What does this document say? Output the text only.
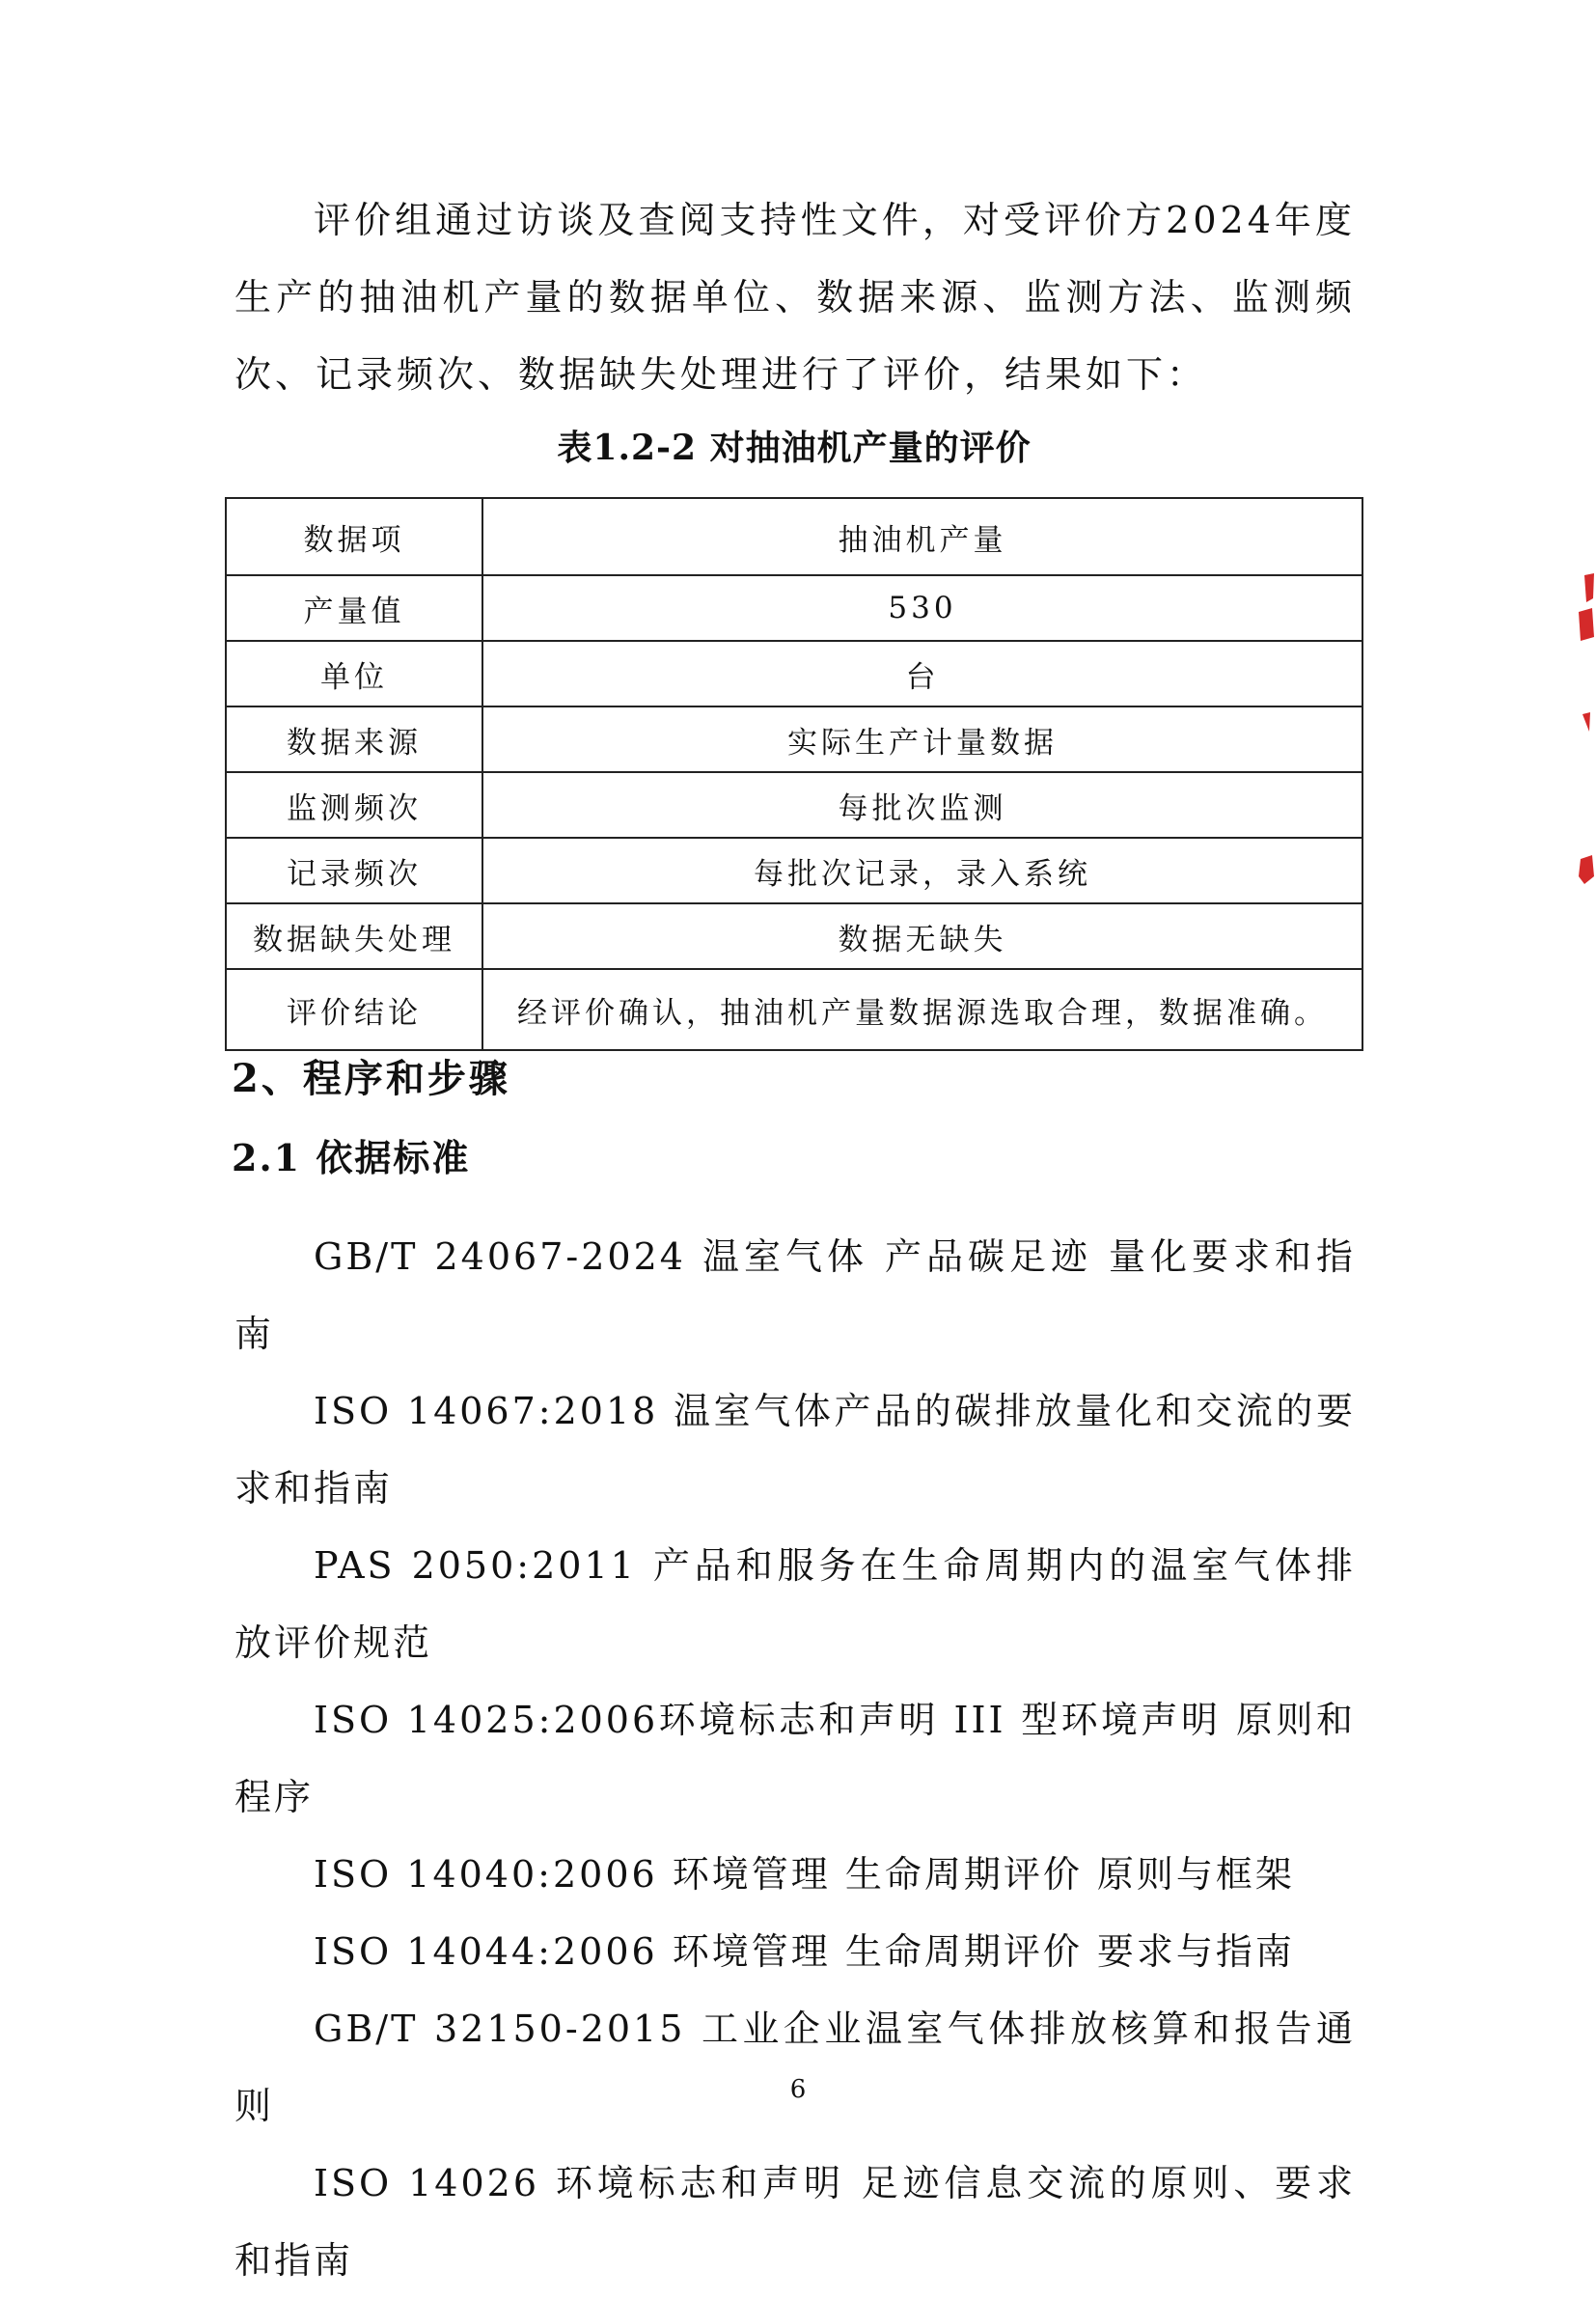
评价组通过访谈及查阅支持性文件，对受评价方2024年度生产的抽油机产量的数据单位、数据来源、监测方法、监测频次、记录频次、数据缺失处理进行了评价，结果如下：

表1.2-2 对抽油机产量的评价

数据项	抽油机产量
产量值	530
单位	台
数据来源	实际生产计量数据
监测频次	每批次监测
记录频次	每批次记录，录入系统
数据缺失处理	数据无缺失
评价结论	经评价确认，抽油机产量数据源选取合理，数据准确。
2、程序和步骤
2.1 依据标准

GB/T 24067-2024 温室气体 产品碳足迹 量化要求和指南

ISO 14067:2018 温室气体产品的碳排放量化和交流的要求和指南

PAS 2050:2011 产品和服务在生命周期内的温室气体排放评价规范

ISO 14025:2006环境标志和声明 III 型环境声明 原则和程序

ISO 14040:2006 环境管理 生命周期评价 原则与框架

ISO 14044:2006 环境管理 生命周期评价 要求与指南

GB/T 32150-2015 工业企业温室气体排放核算和报告通则

ISO 14026 环境标志和声明 足迹信息交流的原则、要求和指南

6
